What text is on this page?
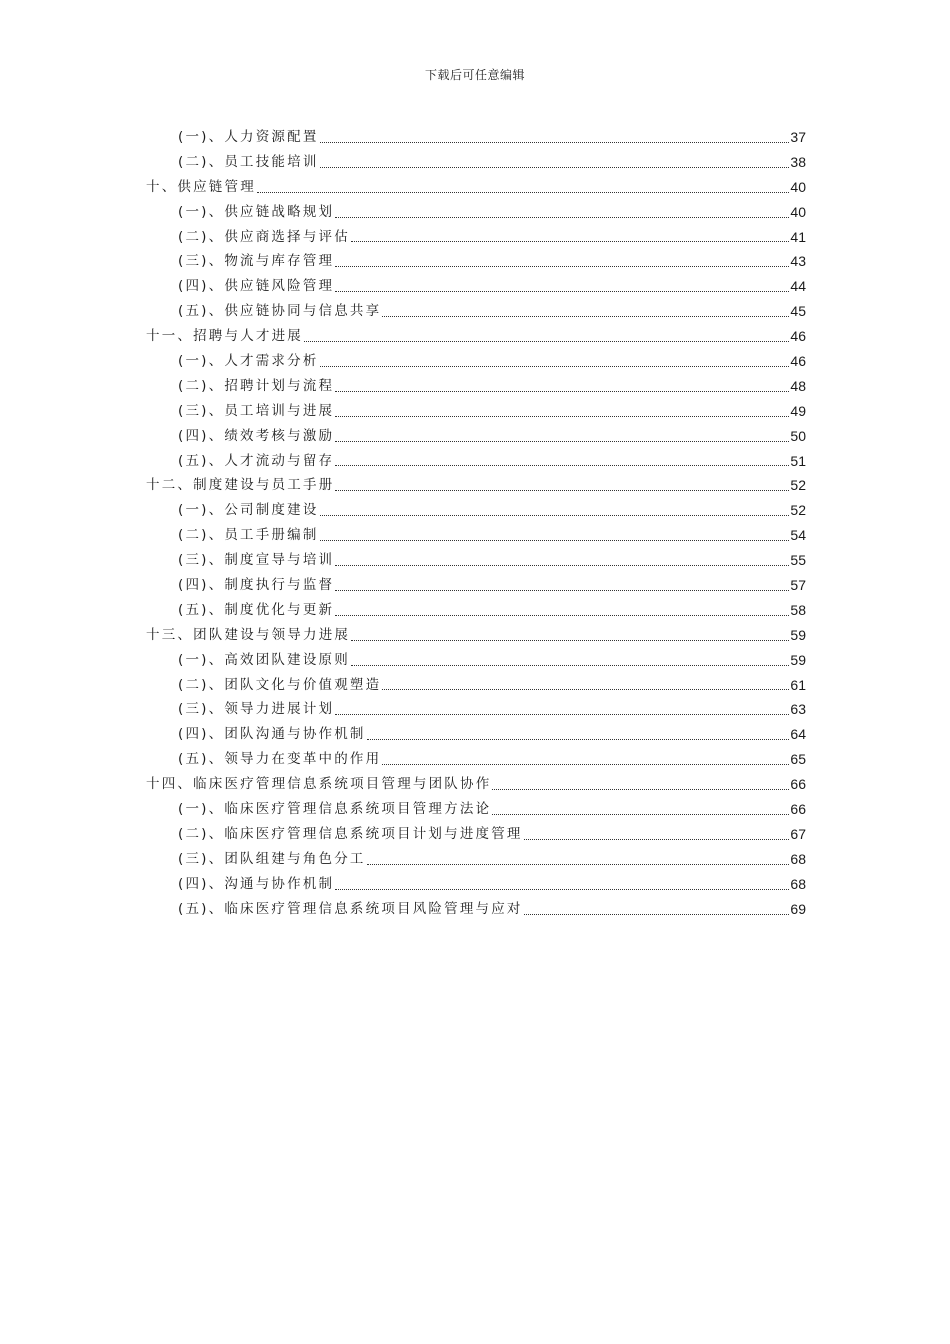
下载后可任意编辑
(一)、人力资源配置	37
(二)、员工技能培训	38
十、供应链管理	40
(一)、供应链战略规划	40
(二)、供应商选择与评估	41
(三)、物流与库存管理	43
(四)、供应链风险管理	44
(五)、供应链协同与信息共享	45
十一、招聘与人才进展	46
(一)、人才需求分析	46
(二)、招聘计划与流程	48
(三)、员工培训与进展	49
(四)、绩效考核与激励	50
(五)、人才流动与留存	51
十二、制度建设与员工手册	52
(一)、公司制度建设	52
(二)、员工手册编制	54
(三)、制度宣导与培训	55
(四)、制度执行与监督	57
(五)、制度优化与更新	58
十三、团队建设与领导力进展	59
(一)、高效团队建设原则	59
(二)、团队文化与价值观塑造	61
(三)、领导力进展计划	63
(四)、团队沟通与协作机制	64
(五)、领导力在变革中的作用	65
十四、临床医疗管理信息系统项目管理与团队协作	66
(一)、临床医疗管理信息系统项目管理方法论	66
(二)、临床医疗管理信息系统项目计划与进度管理	67
(三)、团队组建与角色分工	68
(四)、沟通与协作机制	68
(五)、临床医疗管理信息系统项目风险管理与应对	69
